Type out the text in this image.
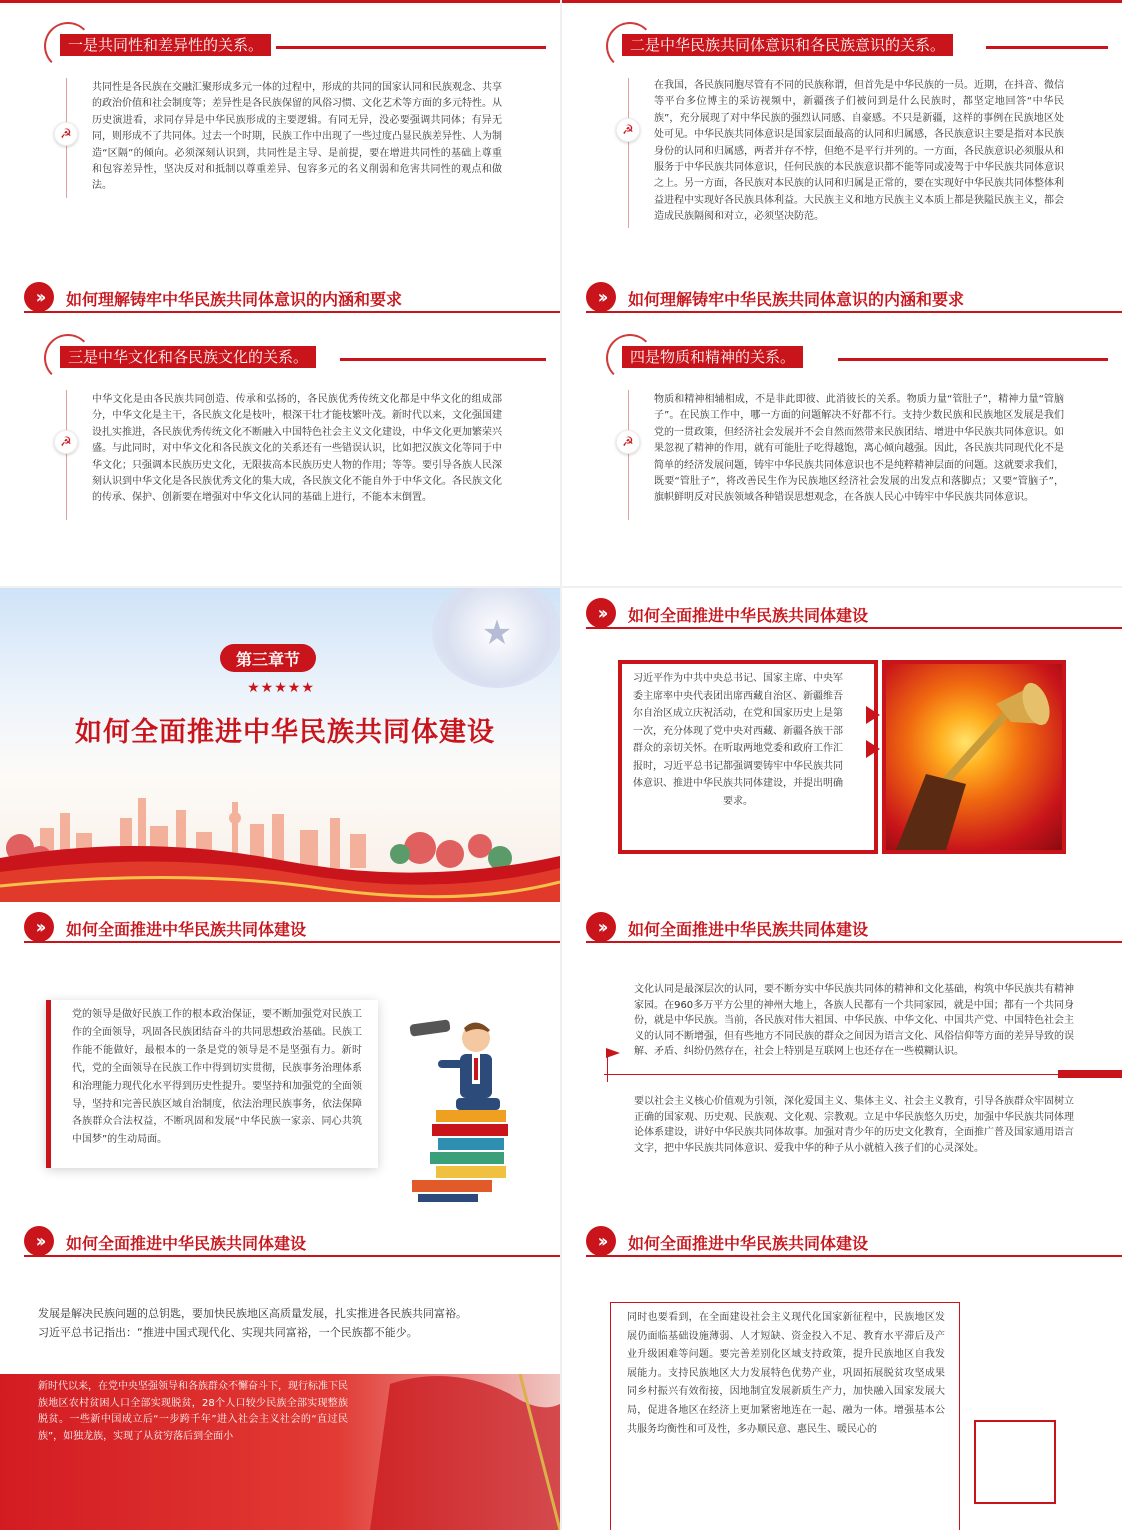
一是共同性和差异性的关系。
☭
共同性是各民族在交融汇聚形成多元一体的过程中，形成的共同的国家认同和民族观念、共享的政治价值和社会制度等；差异性是各民族保留的风俗习惯、文化艺术等方面的多元特性。从历史演进看，求同存异是中华民族形成的主要逻辑。有同无异，没必要强调共同体；有异无同，则形成不了共同体。过去一个时期，民族工作中出现了一些过度凸显民族差异性、人为制造“区隔”的倾向。必须深刻认识到，共同性是主导、是前提，要在增进共同性的基础上尊重和包容差异性，坚决反对和抵制以尊重差异、包容多元的名义削弱和危害共同性的观点和做法。
二是中华民族共同体意识和各民族意识的关系。
☭
在我国，各民族同胞尽管有不同的民族称谓，但首先是中华民族的一员。近期，在抖音、微信等平台多位博主的采访视频中，新疆孩子们被问到是什么民族时，都坚定地回答“中华民族”，充分展现了对中华民族的强烈认同感、自豪感。不只是新疆，这样的事例在民族地区处处可见。中华民族共同体意识是国家层面最高的认同和归属感，各民族意识主要是指对本民族身份的认同和归属感，两者并存不悖，但绝不是平行并列的。一方面，各民族意识必须服从和服务于中华民族共同体意识，任何民族的本民族意识都不能等同或凌驾于中华民族共同体意识之上。另一方面，各民族对本民族的认同和归属是正常的，要在实现好中华民族共同体整体利益进程中实现好各民族具体利益。大民族主义和地方民族主义本质上都是狭隘民族主义，都会造成民族隔阂和对立，必须坚决防范。
››	如何理解铸牢中华民族共同体意识的内涵和要求
三是中华文化和各民族文化的关系。
☭
中华文化是由各民族共同创造、传承和弘扬的，各民族优秀传统文化都是中华文化的组成部分，中华文化是主干，各民族文化是枝叶，根深干壮才能枝繁叶茂。新时代以来，文化强国建设扎实推进，各民族优秀传统文化不断融入中国特色社会主义文化建设，中华文化更加繁荣兴盛。与此同时，对中华文化和各民族文化的关系还有一些错误认识，比如把汉族文化等同于中华文化；只强调本民族历史文化，无限拔高本民族历史人物的作用；等等。要引导各族人民深刻认识到中华文化是各民族优秀文化的集大成，各民族文化不能自外于中华文化。各民族文化的传承、保护、创新要在增强对中华文化认同的基础上进行，不能本末倒置。
››	如何理解铸牢中华民族共同体意识的内涵和要求
四是物质和精神的关系。
☭
物质和精神相辅相成，不是非此即彼、此消彼长的关系。物质力量“管肚子”，精神力量“管脑子”。在民族工作中，哪一方面的问题解决不好都不行。支持少数民族和民族地区发展是我们党的一贯政策，但经济社会发展并不会自然而然带来民族团结、增进中华民族共同体意识。如果忽视了精神的作用，就有可能肚子吃得越饱，离心倾向越强。因此，各民族共同现代化不是简单的经济发展问题，铸牢中华民族共同体意识也不是纯粹精神层面的问题。这就要求我们，既要“管肚子”，将改善民生作为民族地区经济社会发展的出发点和落脚点；又要“管脑子”，旗帜鲜明反对民族领域各种错误思想观念，在各族人民心中铸牢中华民族共同体意识。
★
第三章节
★★★★★
如何全面推进中华民族共同体建设
››	如何全面推进中华民族共同体建设
习近平作为中共中央总书记、国家主席、中央军委主席率中央代表团出席西藏自治区、新疆维吾尔自治区成立庆祝活动，在党和国家历史上是第一次，充分体现了党中央对西藏、新疆各族干部群众的亲切关怀。在听取两地党委和政府工作汇报时，习近平总书记都强调要铸牢中华民族共同体意识、推进中华民族共同体建设，并提出明确要求。
››	如何全面推进中华民族共同体建设
党的领导是做好民族工作的根本政治保证，要不断加强党对民族工作的全面领导，巩固各民族团结奋斗的共同思想政治基础。民族工作能不能做好，最根本的一条是党的领导是不是坚强有力。新时代，党的全面领导在民族工作中得到切实贯彻，民族事务治理体系和治理能力现代化水平得到历史性提升。要坚持和加强党的全面领导，坚持和完善民族区域自治制度，依法治理民族事务，依法保障各族群众合法权益，不断巩固和发展“中华民族一家亲、同心共筑中国梦”的生动局面。
››	如何全面推进中华民族共同体建设
文化认同是最深层次的认同，要不断夯实中华民族共同体的精神和文化基础，构筑中华民族共有精神家园。在960多万平方公里的神州大地上，各族人民都有一个共同家园，就是中国；都有一个共同身份，就是中华民族。当前，各民族对伟大祖国、中华民族、中华文化、中国共产党、中国特色社会主义的认同不断增强，但有些地方不同民族的群众之间因为语言文化、风俗信仰等方面的差异导致的误解、矛盾、纠纷仍然存在，社会上特别是互联网上也还存在一些模糊认识。
要以社会主义核心价值观为引领，深化爱国主义、集体主义、社会主义教育，引导各族群众牢固树立正确的国家观、历史观、民族观、文化观、宗教观。立足中华民族悠久历史，加强中华民族共同体理论体系建设，讲好中华民族共同体故事。加强对青少年的历史文化教育，全面推广普及国家通用语言文字，把中华民族共同体意识、爱我中华的种子从小就植入孩子们的心灵深处。
››	如何全面推进中华民族共同体建设
发展是解决民族问题的总钥匙，要加快民族地区高质量发展，扎实推进各民族共同富裕。
习近平总书记指出：“推进中国式现代化、实现共同富裕，一个民族都不能少。
新时代以来，在党中央坚强领导和各族群众不懈奋斗下，现行标准下民族地区农村贫困人口全部实现脱贫，28个人口较少民族全部实现整族脱贫。一些新中国成立后“一步跨千年”进入社会主义社会的“直过民族”，如独龙族，实现了从贫穷落后到全面小
››	如何全面推进中华民族共同体建设
同时也要看到，在全面建设社会主义现代化国家新征程中，民族地区发展仍面临基础设施薄弱、人才短缺、资金投入不足、教育水平滞后及产业升级困难等问题。要完善差别化区域支持政策，提升民族地区自我发展能力。支持民族地区大力发展特色优势产业，巩固拓展脱贫攻坚成果同乡村振兴有效衔接，因地制宜发展新质生产力，加快融入国家发展大局，促进各地区在经济上更加紧密地连在一起、融为一体。增强基本公共服务均衡性和可及性，多办顺民意、惠民生、暖民心的
